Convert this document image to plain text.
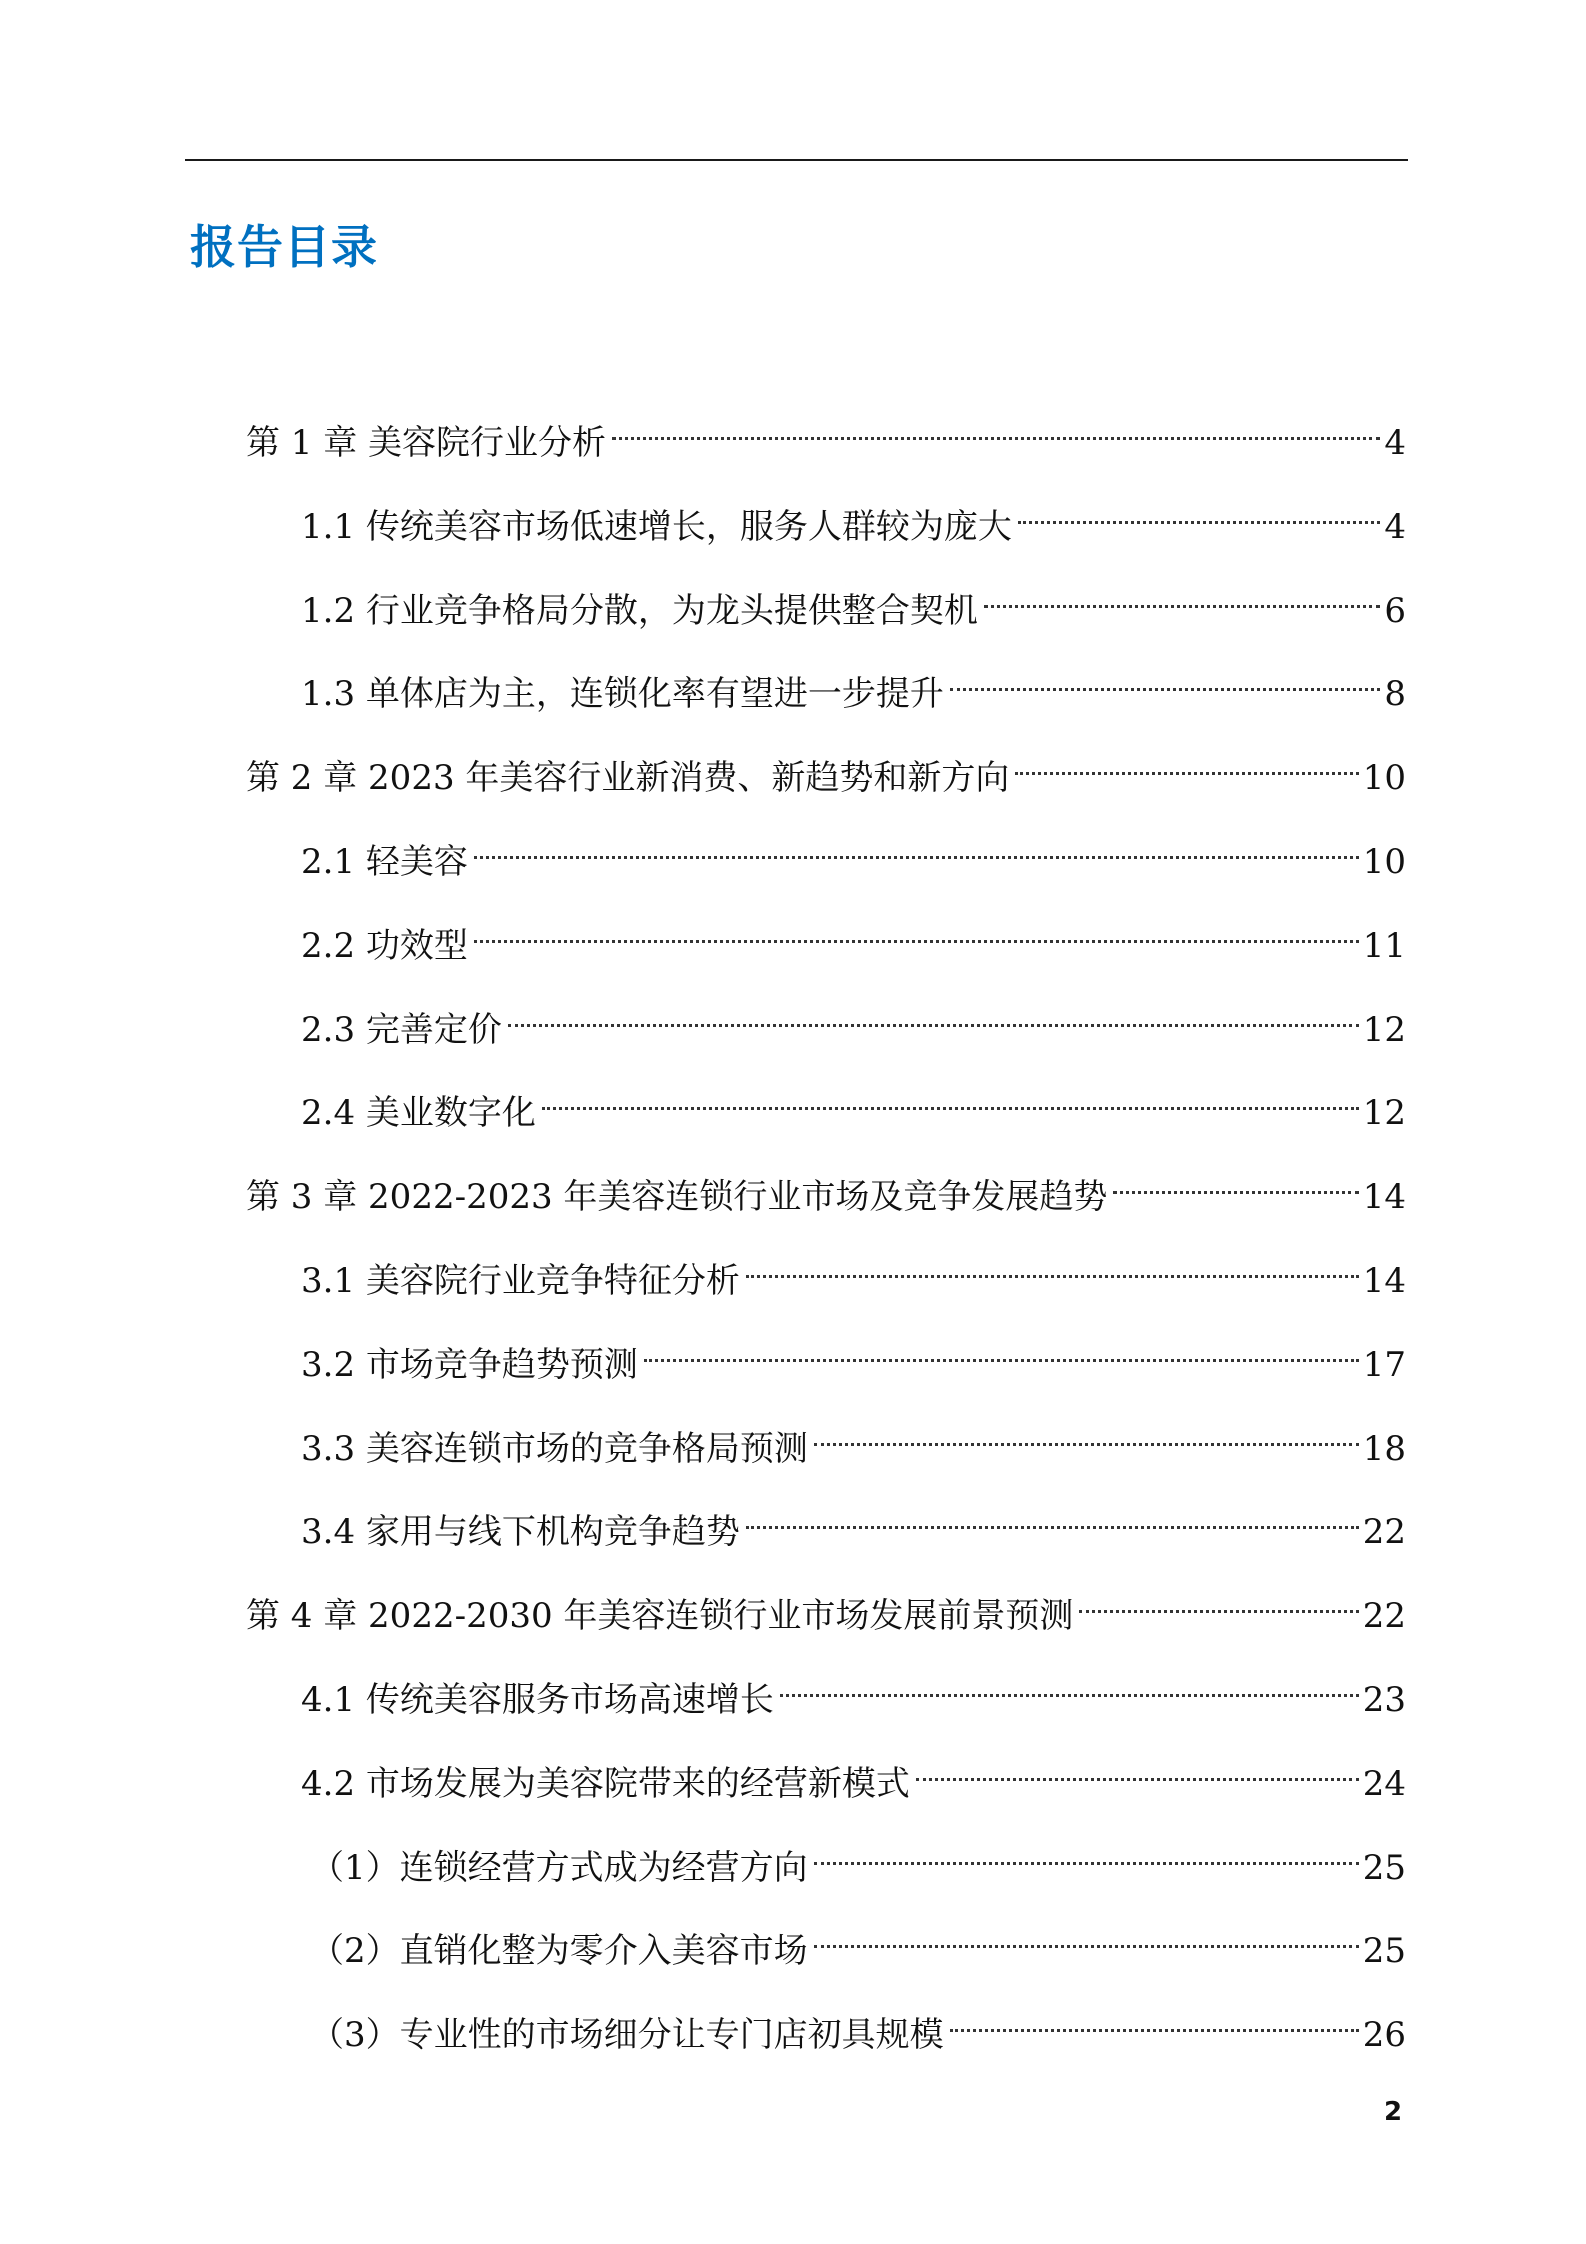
报告目录
第 1 章 美容院行业分析	4
1.1 传统美容市场低速增长，服务人群较为庞大	4
1.2 行业竞争格局分散，为龙头提供整合契机	6
1.3 单体店为主，连锁化率有望进一步提升	8
第 2 章 2023 年美容行业新消费、新趋势和新方向	10
2.1 轻美容	10
2.2 功效型	11
2.3 完善定价	12
2.4 美业数字化	12
第 3 章 2022-2023 年美容连锁行业市场及竞争发展趋势	14
3.1 美容院行业竞争特征分析	14
3.2 市场竞争趋势预测	17
3.3 美容连锁市场的竞争格局预测	18
3.4 家用与线下机构竞争趋势	22
第 4 章 2022-2030 年美容连锁行业市场发展前景预测	22
4.1 传统美容服务市场高速增长	23
4.2 市场发展为美容院带来的经营新模式	24
（1）连锁经营方式成为经营方向	25
（2）直销化整为零介入美容市场	25
（3）专业性的市场细分让专门店初具规模	26
2
